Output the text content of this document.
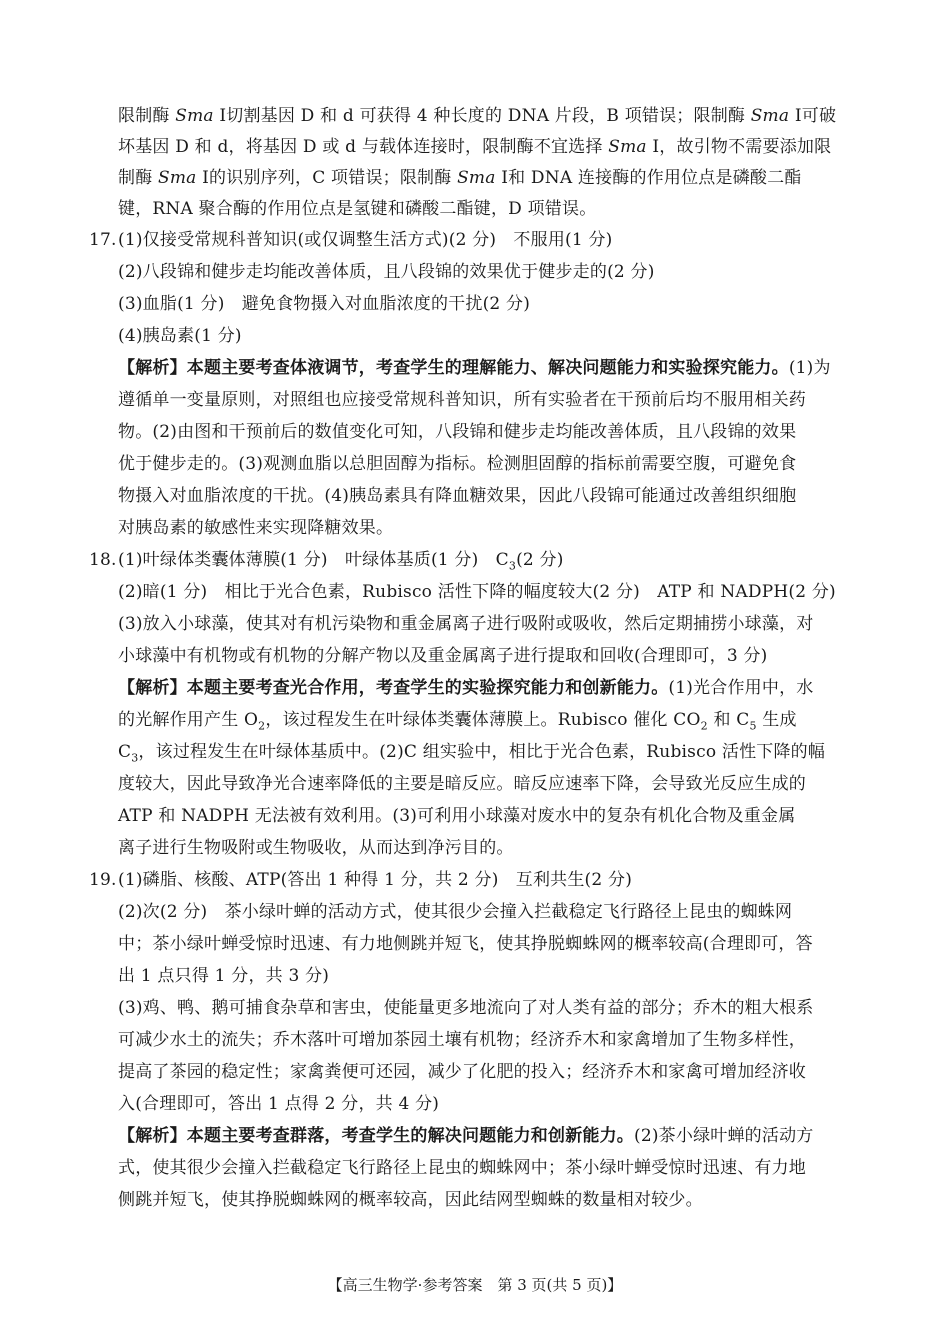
限制酶 Sma Ⅰ切割基因 D 和 d 可获得 4 种长度的 DNA 片段，B 项错误；限制酶 Sma Ⅰ可破
坏基因 D 和 d，将基因 D 或 d 与载体连接时，限制酶不宜选择 Sma Ⅰ，故引物不需要添加限
制酶 Sma Ⅰ的识别序列，C 项错误；限制酶 Sma Ⅰ和 DNA 连接酶的作用位点是磷酸二酯
键，RNA 聚合酶的作用位点是氢键和磷酸二酯键，D 项错误。
17. (1)仅接受常规科普知识(或仅调整生活方式)(2 分)　不服用(1 分)
(2)八段锦和健步走均能改善体质，且八段锦的效果优于健步走的(2 分)
(3)血脂(1 分)　避免食物摄入对血脂浓度的干扰(2 分)
(4)胰岛素(1 分)
【解析】本题主要考查体液调节，考查学生的理解能力、解决问题能力和实验探究能力。(1)为
遵循单一变量原则，对照组也应接受常规科普知识，所有实验者在干预前后均不服用相关药
物。(2)由图和干预前后的数值变化可知，八段锦和健步走均能改善体质，且八段锦的效果
优于健步走的。(3)观测血脂以总胆固醇为指标。检测胆固醇的指标前需要空腹，可避免食
物摄入对血脂浓度的干扰。(4)胰岛素具有降血糖效果，因此八段锦可能通过改善组织细胞
对胰岛素的敏感性来实现降糖效果。
18. (1)叶绿体类囊体薄膜(1 分)　叶绿体基质(1 分)　$C_3(2$ 分)
(2)暗(1 分)　相比于光合色素，Rubisco 活性下降的幅度较大(2 分)　ATP 和 NADPH(2 分)
(3)放入小球藻，使其对有机污染物和重金属离子进行吸附或吸收，然后定期捕捞小球藻，对
小球藻中有机物或有机物的分解产物以及重金属离子进行提取和回收(合理即可，3 分)
【解析】本题主要考查光合作用，考查学生的实验探究能力和创新能力。(1)光合作用中，水
的光解作用产生 $O_2$，该过程发生在叶绿体类囊体薄膜上。Rubisco 催化 $CO_2$ 和 $C_5$ 生成
$C_3$，该过程发生在叶绿体基质中。(2)C 组实验中，相比于光合色素，Rubisco 活性下降的幅
度较大，因此导致净光合速率降低的主要是暗反应。暗反应速率下降，会导致光反应生成的
ATP 和 NADPH 无法被有效利用。(3)可利用小球藻对废水中的复杂有机化合物及重金属
离子进行生物吸附或生物吸收，从而达到净污目的。
19. (1)磷脂、核酸、ATP(答出 1 种得 1 分，共 2 分)　互利共生(2 分)
(2)次(2 分)　茶小绿叶蝉的活动方式，使其很少会撞入拦截稳定飞行路径上昆虫的蜘蛛网
中；茶小绿叶蝉受惊时迅速、有力地侧跳并短飞，使其挣脱蜘蛛网的概率较高(合理即可，答
出 1 点只得 1 分，共 3 分)
(3)鸡、鸭、鹅可捕食杂草和害虫，使能量更多地流向了对人类有益的部分；乔木的粗大根系
可减少水土的流失；乔木落叶可增加茶园土壤有机物；经济乔木和家禽增加了生物多样性，
提高了茶园的稳定性；家禽粪便可还园，减少了化肥的投入；经济乔木和家禽可增加经济收
入(合理即可，答出 1 点得 2 分，共 4 分)
【解析】本题主要考查群落，考查学生的解决问题能力和创新能力。(2)茶小绿叶蝉的活动方
式，使其很少会撞入拦截稳定飞行路径上昆虫的蜘蛛网中；茶小绿叶蝉受惊时迅速、有力地
侧跳并短飞，使其挣脱蜘蛛网的概率较高，因此结网型蜘蛛的数量相对较少。
【高三生物学·参考答案　第 3 页(共 5 页)】
